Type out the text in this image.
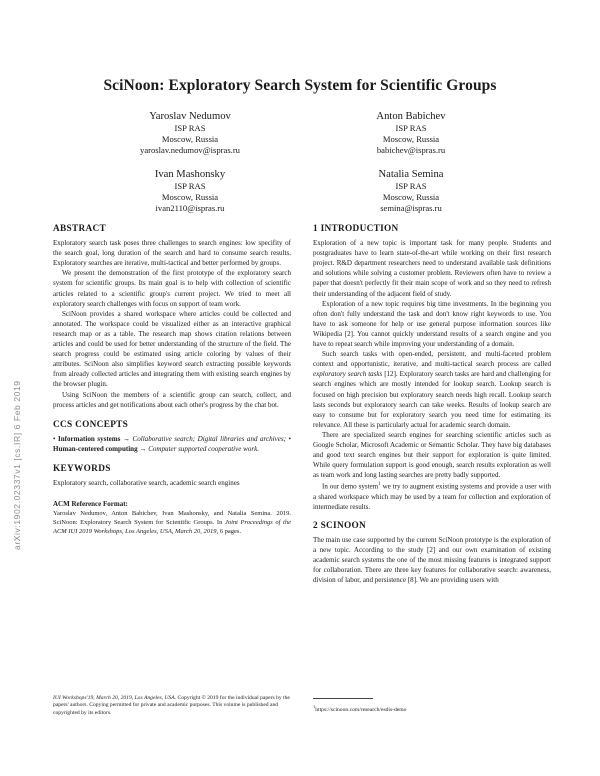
arXiv:1902.02337v1 [cs.IR] 6 Feb 2019
SciNoon: Exploratory Search System for Scientific Groups
Yaroslav Nedumov
ISP RAS
Moscow, Russia
yaroslav.nedumov@ispras.ru
Anton Babichev
ISP RAS
Moscow, Russia
babichev@ispras.ru
Ivan Mashonsky
ISP RAS
Moscow, Russia
ivan2110@ispras.ru
Natalia Semina
ISP RAS
Moscow, Russia
semina@ispras.ru
ABSTRACT

Exploratory search task poses three challenges to search engines: low specifity of the search goal, long duration of the search and hard to consume search results. Exploratory searches are iterative, multi-tactical and better performed by groups.

We present the demonstration of the first prototype of the exploratory search system for scientific groups. Its main goal is to help with collection of scientific articles related to a scientific group's current project. We tried to meet all exploratory search challenges with focus on support of team work.

SciNoon provides a shared workspace where articles could be collected and annotated. The workspace could be visualized either as an interactive graphical research map or as a table. The research map shows citation relations between articles and could be used for better understanding of the structure of the field. The search progress could be estimated using article coloring by values of their attributes. SciNoon also simplifies keyword search extracting possible keywords from already collected articles and integrating them with existing search engines by the browser plugin.

Using SciNoon the members of a scientific group can search, collect, and process articles and get notifications about each other's progress by the chat bot.

CCS CONCEPTS

• Information systems → Collaborative search; Digital libraries and archives; • Human-centered computing → Computer supported cooperative work.

KEYWORDS

Exploratory search, collaborative search, academic search engines

ACM Reference Format:

Yaroslav Nedumov, Anton Babichev, Ivan Mashonsky, and Natalia Semina. 2019. SciNoon: Exploratory Search System for Scientific Groups. In Joint Proceedings of the ACM IUI 2019 Workshops, Los Angeles, USA, March 20, 2019, 6 pages.

IUI Workshops'19, March 20, 2019, Los Angeles, USA. Copyright © 2019 for the individual papers by the papers' authors. Copying permitted for private and academic purposes. This volume is published and copyrighted by its editors.
1 INTRODUCTION

Exploration of a new topic is important task for many people. Students and postgraduates have to learn state-of-the-art while working on their first research project. R&D department researchers need to understand available task definitions and solutions while solving a customer problem. Reviewers often have to review a paper that doesn't perfectly fit their main scope of work and so they need to refresh their understanding of the adjacent field of study.

Exploration of a new topic requires big time investments. In the beginning you often don't fully understand the task and don't know right keywords to use. You have to ask someone for help or use general purpose information sources like Wikipedia [2]. You cannot quickly understand results of a search engine and you have to repeat search while improving your understanding of a domain.

Such search tasks with open-ended, persistent, and multi-faceted problem context and opportunistic, iterative, and multi-tactical search process are called exploratory search tasks [12]. Exploratory search tasks are hard and challenging for search engines which are mostly intended for lookup search. Lookup search is focused on high precision but exploratory search needs high recall. Lookup search lasts seconds but exploratory search can take weeks. Results of lookup search are easy to consume but for exploratory search you need time for estimating its relevance. All these is particularly actual for academic search domain.

There are specialized search engines for searching scientific articles such as Google Scholar, Microsoft Academic or Semantic Scholar. They have big databases and good text search engines but their support for exploration is quite limited. While query formulation support is good enough, search results exploration as well as team work and long lasting searches are pretty badly supported.

In our demo system$^1$ we try to augment existing systems and provide a user with a shared workspace which may be used by a team for collection and exploration of intermediate results.

2 SCINOON

The main use case supported by the current SciNoon prototype is the exploration of a new topic. According to the study [2] and our own examination of existing academic search systems the one of the most missing features is integrated support for collaboration. There are three key features for collaborative search: awareness, division of labor, and persistence [8]. We are providing users with

$^1$https://scinoon.com/research/esdis-demo
